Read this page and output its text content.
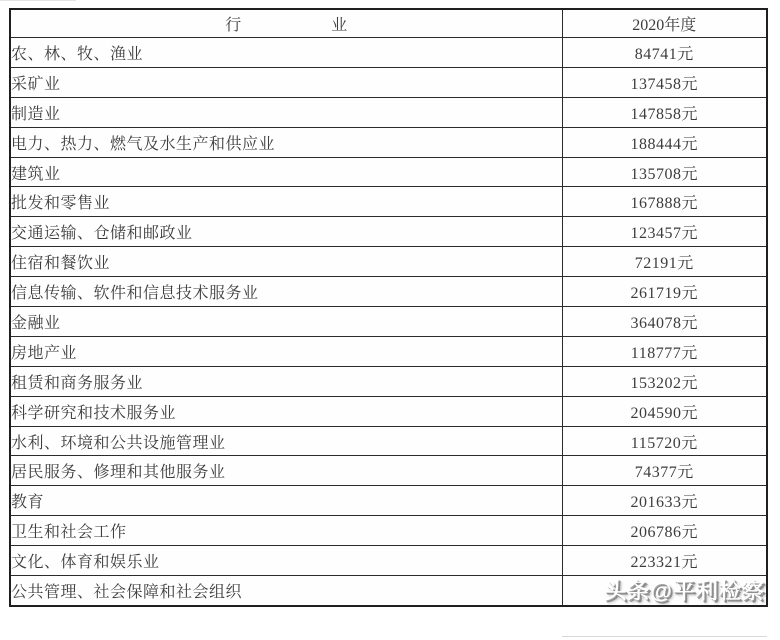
行业	2020年度
农、林、牧、渔业	84741元
采矿业	137458元
制造业	147858元
电力、热力、燃气及水生产和供应业	188444元
建筑业	135708元
批发和零售业	167888元
交通运输、仓储和邮政业	123457元
住宿和餐饮业	72191元
信息传输、软件和信息技术服务业	261719元
金融业	364078元
房地产业	118777元
租赁和商务服务业	153202元
科学研究和技术服务业	204590元
水利、环境和公共设施管理业	115720元
居民服务、修理和其他服务业	74377元
教育	201633元
卫生和社会工作	206786元
文化、体育和娱乐业	223321元
公共管理、社会保障和社会组织	头条@平利检察
